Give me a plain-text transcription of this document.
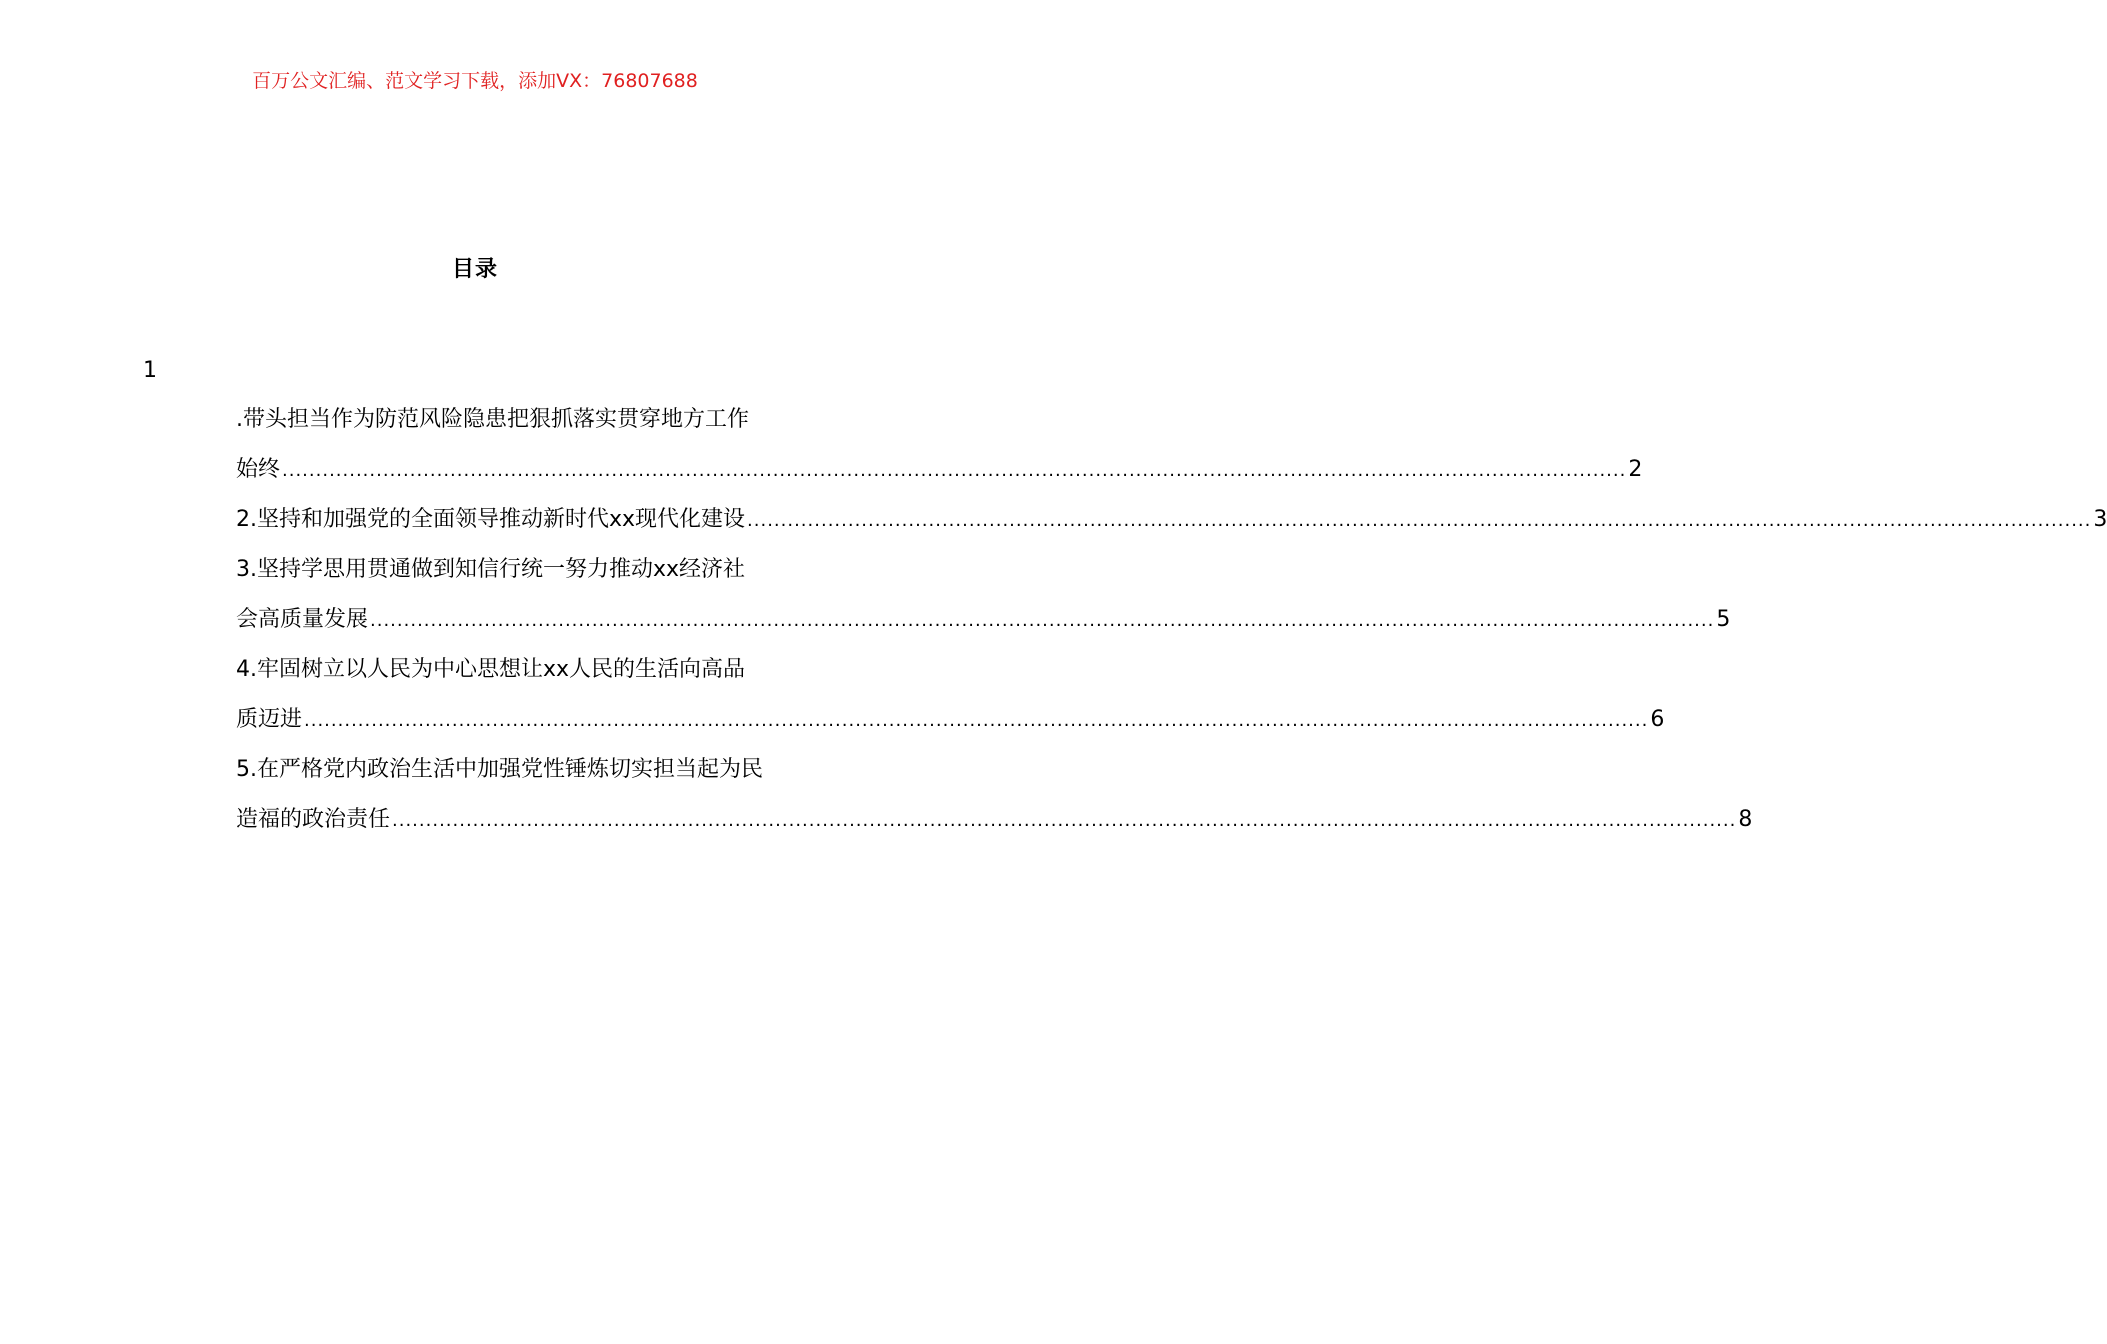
百万公文汇编、范文学习下载，添加VX：76807688
目录
1
.带头担当作为防范风险隐患把狠抓落实贯穿地方工作
始终 ........................................................................................................................................................................................................ 2
2.坚持和加强党的全面领导推动新时代xx现代化建设 ........................................................................................................................................................................................................ 3
3.坚持学思用贯通做到知信行统一努力推动xx经济社
会高质量发展 ........................................................................................................................................................................................................ 5
4.牢固树立以人民为中心思想让xx人民的生活向高品
质迈进 ........................................................................................................................................................................................................ 6
5.在严格党内政治生活中加强党性锤炼切实担当起为民
造福的政治责任 ........................................................................................................................................................................................................ 8
